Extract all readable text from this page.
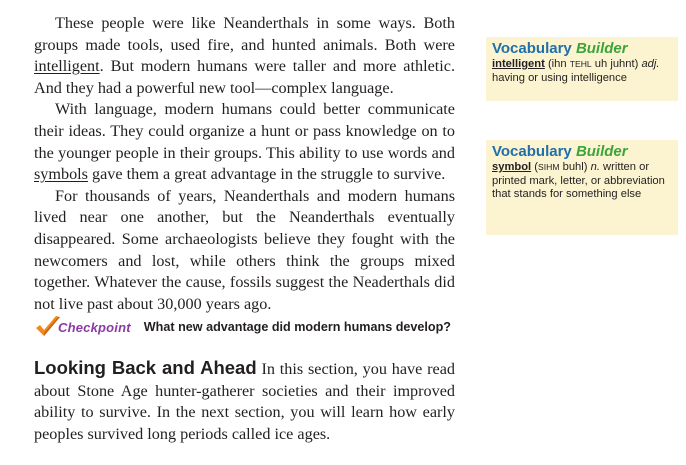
These people were like Neanderthals in some ways. Both groups made tools, used fire, and hunted animals. Both were intelligent. But modern humans were taller and more athletic. And they had a powerful new tool—complex language.

With language, modern humans could better communicate their ideas. They could organize a hunt or pass knowledge on to the younger people in their groups. This ability to use words and symbols gave them a great advantage in the struggle to survive.

For thousands of years, Neanderthals and modern humans lived near one another, but the Neanderthals eventually disappeared. Some archaeologists believe they fought with the newcomers and lost, while others think the groups mixed together. Whatever the cause, fossils suggest the Neaderthals did not live past about 30,000 years ago.

Checkpoint What new advantage did modern humans develop?

Looking Back and Ahead In this section, you have read about Stone Age hunter-gatherer societies and their improved ability to survive. In the next section, you will learn how early peoples survived long periods called ice ages.

Vocabulary Builder
intelligent (ihn TEHL uh juhnt) adj.
having or using intelligence
Vocabulary Builder
symbol (SIHM buhl) n. written or printed mark, letter, or abbreviation that stands for something else
